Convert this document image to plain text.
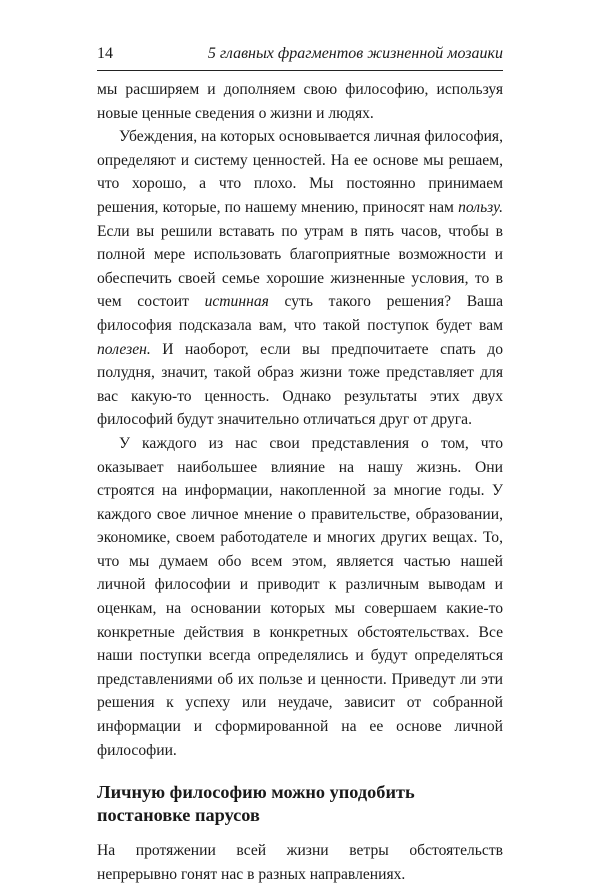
14	5 главных фрагментов жизненной мозаики

мы расширяем и дополняем свою философию, используя новые ценные сведения о жизни и людях.

Убеждения, на которых основывается личная философия, определяют и систему ценностей. На ее основе мы решаем, что хорошо, а что плохо. Мы постоянно принимаем решения, которые, по нашему мнению, приносят нам пользу. Если вы решили вставать по утрам в пять часов, чтобы в полной мере использовать благоприятные возможности и обеспечить своей семье хорошие жизненные условия, то в чем состоит истинная суть такого решения? Ваша философия подсказала вам, что такой поступок будет вам полезен. И наоборот, если вы предпочитаете спать до полудня, значит, такой образ жизни тоже представляет для вас какую-то ценность. Однако результаты этих двух философий будут значительно отличаться друг от друга.

У каждого из нас свои представления о том, что оказывает наибольшее влияние на нашу жизнь. Они строятся на информации, накопленной за многие годы. У каждого свое личное мнение о правительстве, образовании, экономике, своем работодателе и многих других вещах. То, что мы думаем обо всем этом, является частью нашей личной философии и приводит к различным выводам и оценкам, на основании которых мы совершаем какие-то конкретные действия в конкретных обстоятельствах. Все наши поступки всегда определялись и будут определяться представлениями об их пользе и ценности. Приведут ли эти решения к успеху или неудаче, зависит от собранной информации и сформированной на ее основе личной философии.

Личную философию можно уподобить
постановке парусов

На протяжении всей жизни ветры обстоятельств непрерывно гонят нас в разных направлениях.
